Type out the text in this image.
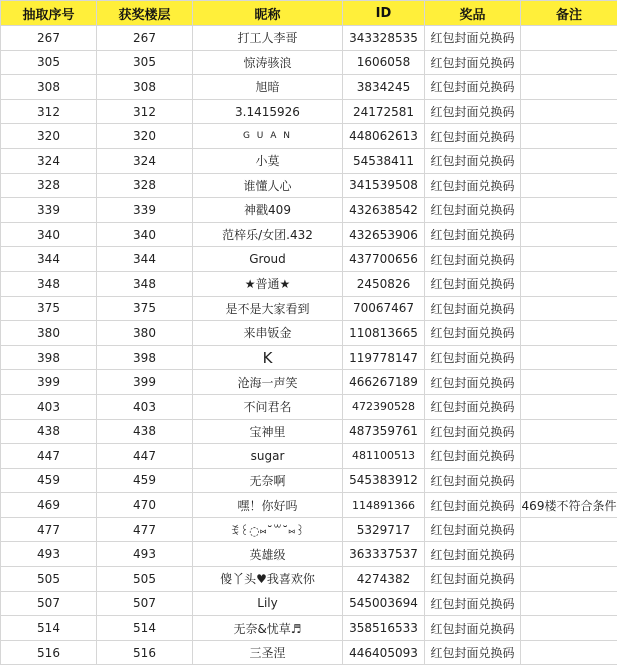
抽取序号	获奖楼层	昵称	ID	奖品	备注
267	267	打工人李哥	343328535	红包封面兑换码	
305	305	惊涛骇浪	1606058	红包封面兑换码	
308	308	旭暗	3834245	红包封面兑换码	
312	312	3.1415926	24172581	红包封面兑换码	
320	320	G U A N	448062613	红包封面兑换码	
324	324	小莫	54538411	红包封面兑换码	
328	328	谁懂人心	341539508	红包封面兑换码	
339	339	神戳409	432638542	红包封面兑换码	
340	340	范梓乐/女团.432	432653906	红包封面兑换码	
344	344	Groud	437700656	红包封面兑换码	
348	348	★普通★	2450826	红包封面兑换码	
375	375	是不是大家看到	70067467	红包封面兑换码	
380	380	来串钣金	110813665	红包封面兑换码	
398	398	K	119778147	红包封面兑换码	
399	399	沧海一声笑	466267189	红包封面兑换码	
403	403	不问君名	472390528	红包封面兑换码	
438	438	宝神里	487359761	红包封面兑换码	
447	447	sugar	481100513	红包封面兑换码	
459	459	无奈啊	545383912	红包封面兑换码	
469	470	嘿！你好吗	114891366	红包封面兑换码	469楼不符合条件
477	477	ꉂ꒰◌⑅˘꒳˘⑅꒱	5329717	红包封面兑换码	
493	493	英雄级	363337537	红包封面兑换码	
505	505	傻丫头♥我喜欢你	4274382	红包封面兑换码	
507	507	Lily	545003694	红包封面兑换码	
514	514	无奈&忧草♬	358516533	红包封面兑换码	
516	516	三圣涅	446405093	红包封面兑换码	
